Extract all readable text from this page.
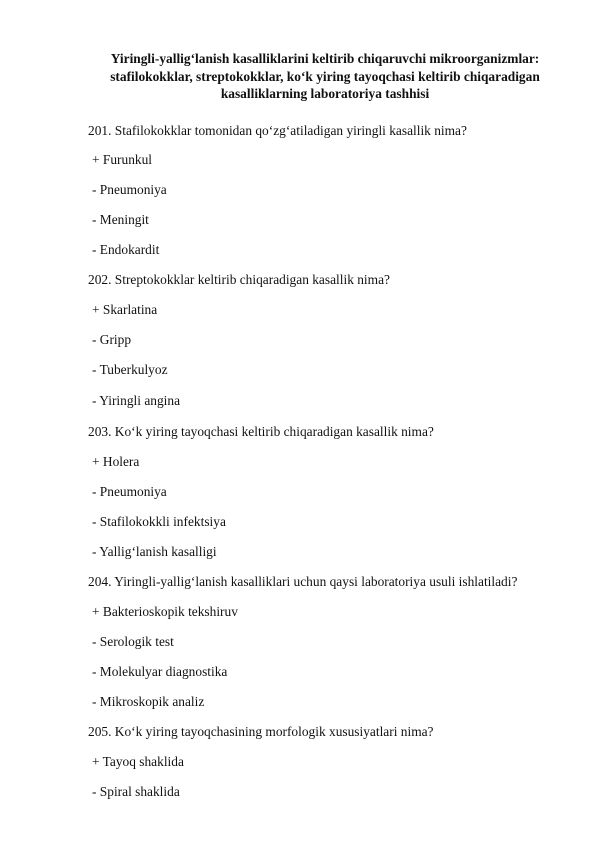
Yiringli-yallig‘lanish kasalliklarini keltirib chiqaruvchi mikroorganizmlar:
stafilokokklar, streptokokklar, ko‘k yiring tayoqchasi keltirib chiqaradigan
kasalliklarning laboratoriya tashhisi
201. Stafilokokklar tomonidan qo‘zg‘atiladigan yiringli kasallik nima?
+ Furunkul
- Pneumoniya
- Meningit
- Endokardit
202. Streptokokklar keltirib chiqaradigan kasallik nima?
+ Skarlatina
- Gripp
- Tuberkulyoz
- Yiringli angina
203. Ko‘k yiring tayoqchasi keltirib chiqaradigan kasallik nima?
+ Holera
- Pneumoniya
- Stafilokokkli infektsiya
- Yallig‘lanish kasalligi
204. Yiringli-yallig‘lanish kasalliklari uchun qaysi laboratoriya usuli ishlatiladi?
+ Bakterioskopik tekshiruv
- Serologik test
- Molekulyar diagnostika
- Mikroskopik analiz
205. Ko‘k yiring tayoqchasining morfologik xususiyatlari nima?
+ Tayoq shaklida
- Spiral shaklida
